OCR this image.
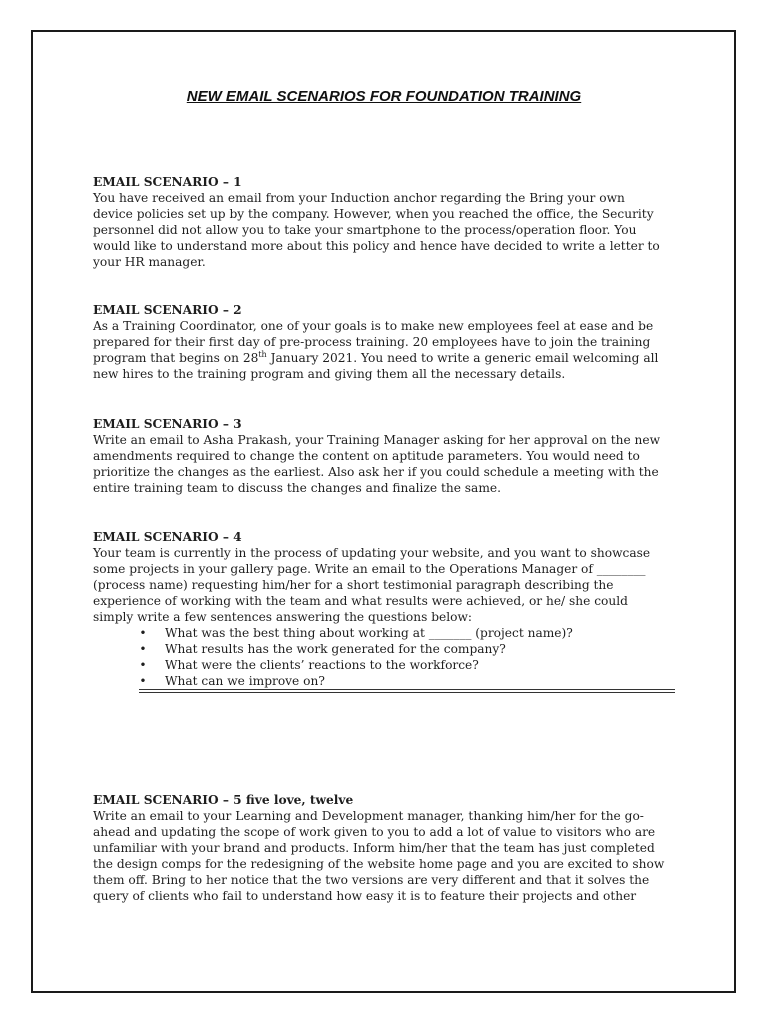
NEW EMAIL SCENARIOS FOR FOUNDATION TRAINING
EMAIL SCENARIO – 1
You have received an email from your Induction anchor regarding the Bring your own
device policies set up by the company. However, when you reached the office, the Security
personnel did not allow you to take your smartphone to the process/operation floor. You
would like to understand more about this policy and hence have decided to write a letter to
your HR manager.
EMAIL SCENARIO – 2
As a Training Coordinator, one of your goals is to make new employees feel at ease and be
prepared for their first day of pre-process training. 20 employees have to join the training
program that begins on 28th January 2021. You need to write a generic email welcoming all
new hires to the training program and giving them all the necessary details.
EMAIL SCENARIO – 3
Write an email to Asha Prakash, your Training Manager asking for her approval on the new
amendments required to change the content on aptitude parameters. You would need to
prioritize the changes as the earliest. Also ask her if you could schedule a meeting with the
entire training team to discuss the changes and finalize the same.
EMAIL SCENARIO – 4
Your team is currently in the process of updating your website, and you want to showcase
some projects in your gallery page. Write an email to the Operations Manager of ________
(process name) requesting him/her for a short testimonial paragraph describing the
experience of working with the team and what results were achieved, or he/ she could
simply write a few sentences answering the questions below:
• What was the best thing about working at _______ (project name)?
• What results has the work generated for the company?
• What were the clients’ reactions to the workforce?
• What can we improve on?
EMAIL SCENARIO – 5 five love, twelve
Write an email to your Learning and Development manager, thanking him/her for the go-
ahead and updating the scope of work given to you to add a lot of value to visitors who are
unfamiliar with your brand and products. Inform him/her that the team has just completed
the design comps for the redesigning of the website home page and you are excited to show
them off. Bring to her notice that the two versions are very different and that it solves the
query of clients who fail to understand how easy it is to feature their projects and other
